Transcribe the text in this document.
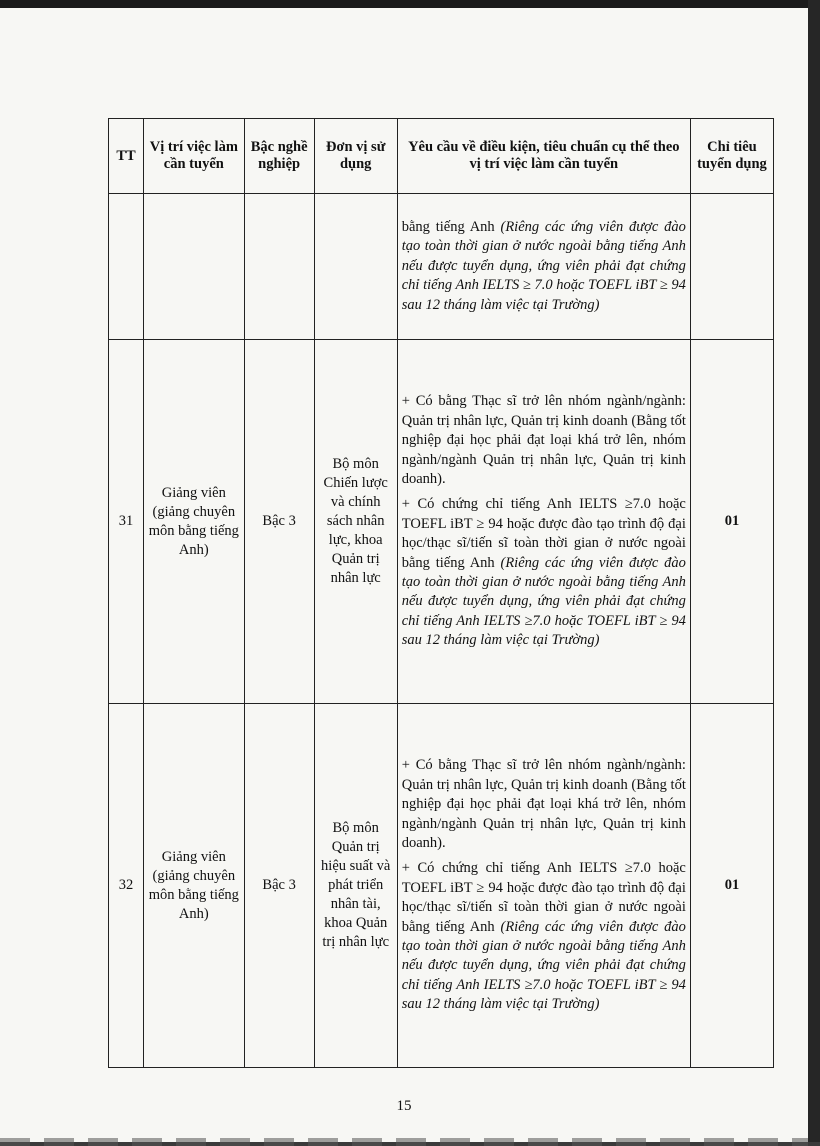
TT	Vị trí việc làm cần tuyển	Bậc nghề nghiệp	Đơn vị sử dụng	Yêu cầu về điều kiện, tiêu chuẩn cụ thể theo vị trí việc làm cần tuyển	Chỉ tiêu tuyển dụng

				bằng tiếng Anh (Riêng các ứng viên được đào tạo toàn thời gian ở nước ngoài bằng tiếng Anh nếu được tuyển dụng, ứng viên phải đạt chứng chỉ tiếng Anh IELTS ≥ 7.0 hoặc TOEFL iBT ≥ 94 sau 12 tháng làm việc tại Trường)	

31	Giảng viên (giảng chuyên môn bằng tiếng Anh)	Bậc 3	Bộ môn Chiến lược và chính sách nhân lực, khoa Quản trị nhân lực	+ Có bằng Thạc sĩ trở lên nhóm ngành/ngành: Quản trị nhân lực, Quản trị kinh doanh (Bằng tốt nghiệp đại học phải đạt loại khá trở lên, nhóm ngành/ngành Quản trị nhân lực, Quản trị kinh doanh).

+ Có chứng chỉ tiếng Anh IELTS ≥7.0 hoặc TOEFL iBT ≥ 94 hoặc được đào tạo trình độ đại học/thạc sĩ/tiến sĩ toàn thời gian ở nước ngoài bằng tiếng Anh (Riêng các ứng viên được đào tạo toàn thời gian ở nước ngoài bằng tiếng Anh nếu được tuyển dụng, ứng viên phải đạt chứng chỉ tiếng Anh IELTS ≥7.0 hoặc TOEFL iBT ≥ 94 sau 12 tháng làm việc tại Trường)	01
32	Giảng viên (giảng chuyên môn bằng tiếng Anh)	Bậc 3	Bộ môn Quản trị hiệu suất và phát triển nhân tài, khoa Quản trị nhân lực	+ Có bằng Thạc sĩ trở lên nhóm ngành/ngành: Quản trị nhân lực, Quản trị kinh doanh (Bằng tốt nghiệp đại học phải đạt loại khá trở lên, nhóm ngành/ngành Quản trị nhân lực, Quản trị kinh doanh).

+ Có chứng chỉ tiếng Anh IELTS ≥7.0 hoặc TOEFL iBT ≥ 94 hoặc được đào tạo trình độ đại học/thạc sĩ/tiến sĩ toàn thời gian ở nước ngoài bằng tiếng Anh (Riêng các ứng viên được đào tạo toàn thời gian ở nước ngoài bằng tiếng Anh nếu được tuyển dụng, ứng viên phải đạt chứng chỉ tiếng Anh IELTS ≥7.0 hoặc TOEFL iBT ≥ 94 sau 12 tháng làm việc tại Trường)	01
15
